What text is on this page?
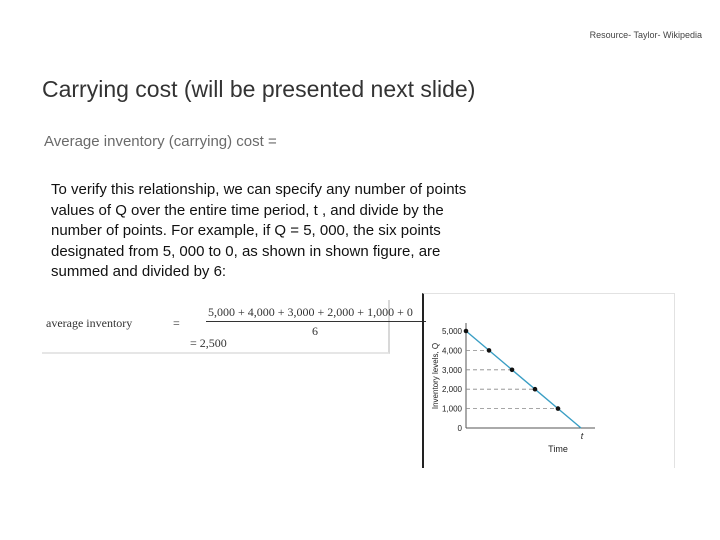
Resource- Taylor- Wikipedia
Carrying cost (will be presented next slide)
Average inventory (carrying) cost =
To verify this relationship, we can specify any number of points
values of Q over the entire time period, t , and divide by the
number of points. For example, if Q = 5, 000, the six points
designated from 5, 000 to 0, as shown in shown figure, are
summed and divided by 6:
average inventory	=
5,000 + 4,000 + 3,000 + 2,000 + 1,000 + 0
6
= 2,500
5,000
4,000
3,000
2,000
1,000
0
t
Time
Inventory levels, Q
